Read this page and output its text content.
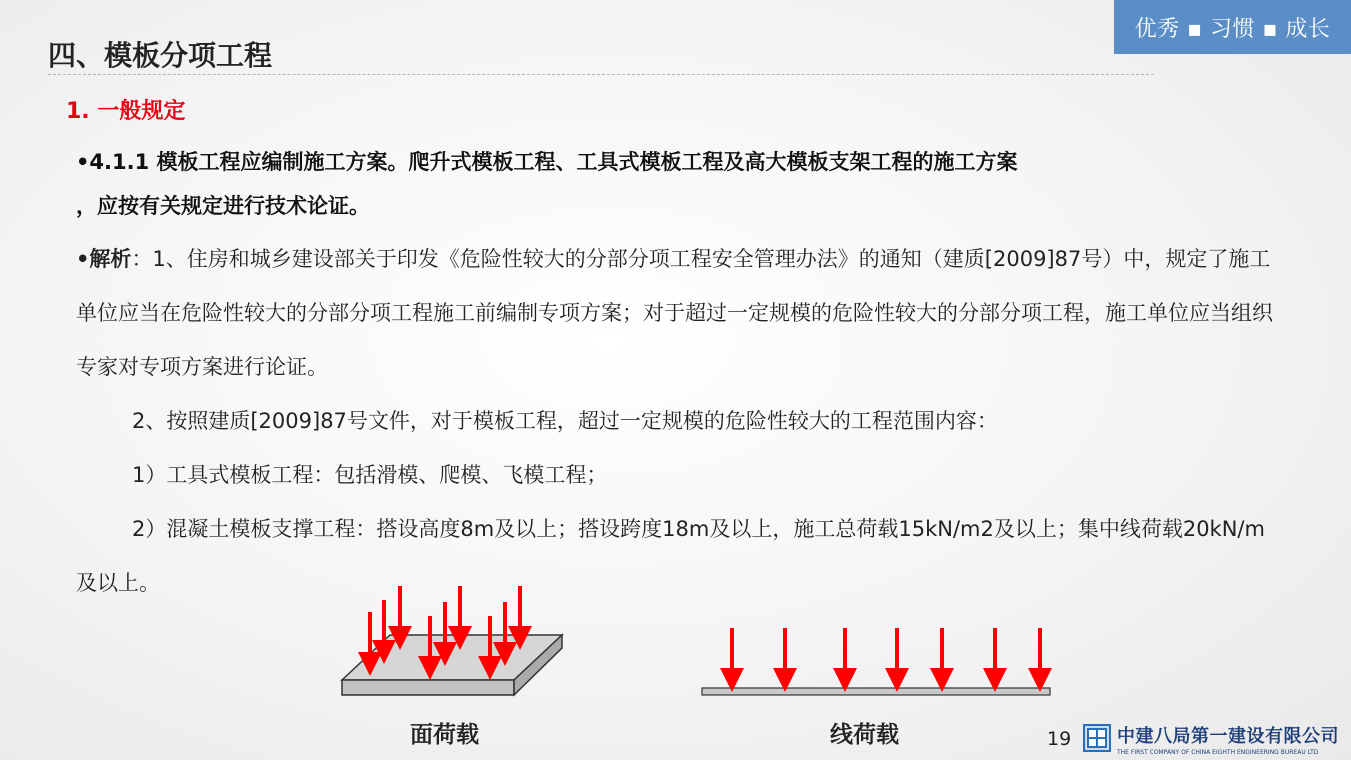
优秀 ▪ 习惯 ▪ 成长
四、模板分项工程
1. 一般规定
•4.1.1 模板工程应编制施工方案。爬升式模板工程、工具式模板工程及高大模板支架工程的施工方案
，应按有关规定进行技术论证。

•解析：1、住房和城乡建设部关于印发《危险性较大的分部分项工程安全管理办法》的通知（建质[2009]87号）中，规定了施工单位应当在危险性较大的分部分项工程施工前编制专项方案；对于超过一定规模的危险性较大的分部分项工程，施工单位应当组织专家对专项方案进行论证。

2、按照建质[2009]87号文件，对于模板工程，超过一定规模的危险性较大的工程范围内容：

1）工具式模板工程：包括滑模、爬模、飞模工程；

2）混凝土模板支撑工程：搭设高度8m及以上；搭设跨度18m及以上，施工总荷载15kN/m2及以上；集中线荷载20kN/m及以上。

面荷载	线荷载	19	中建八局第一建设有限公司
THE FIRST COMPANY OF CHINA EIGHTH ENGINEERING BUREAU LTD
